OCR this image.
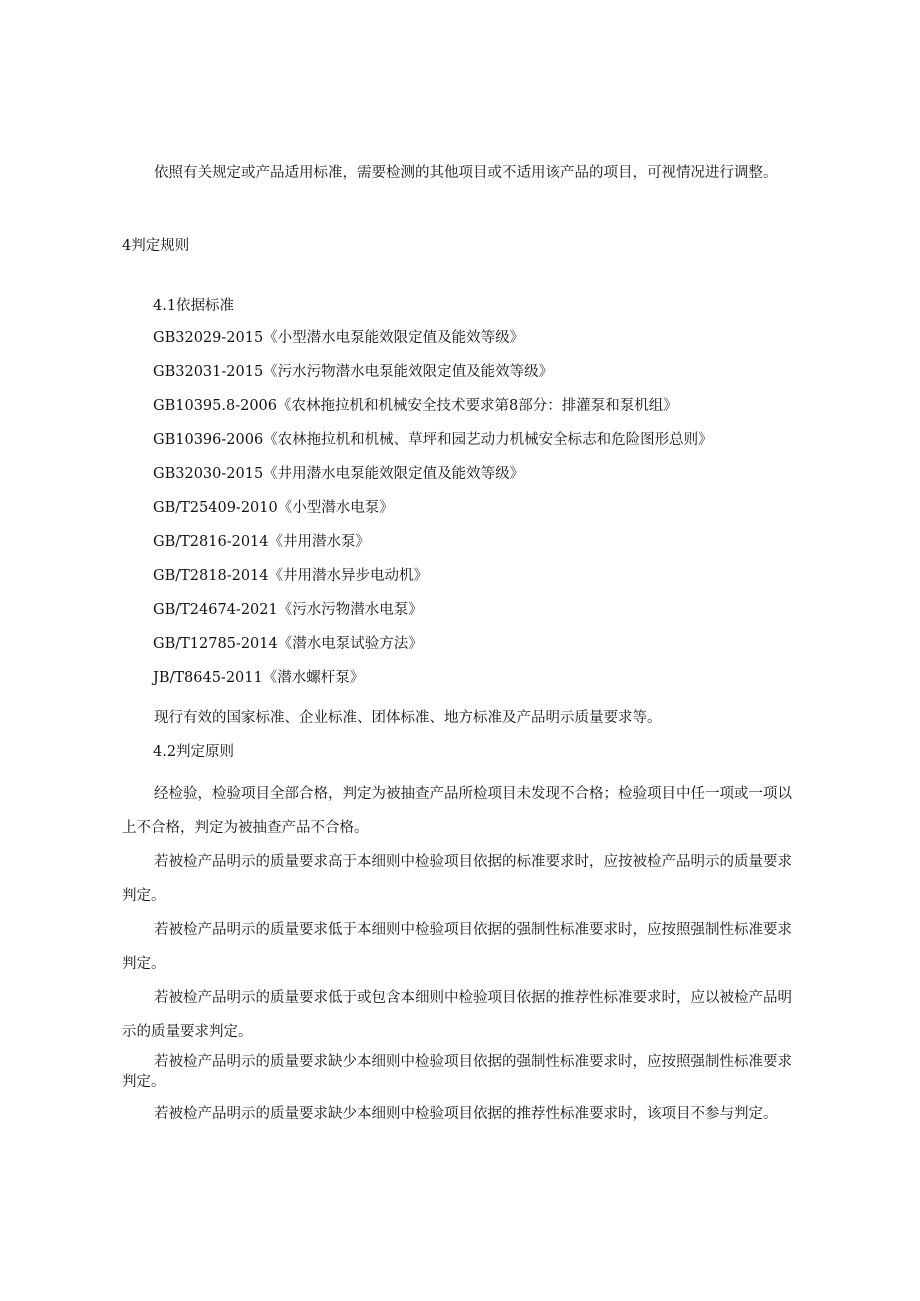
依照有关规定或产品适用标准，需要检测的其他项目或不适用该产品的项目，可视情况进行调整。
4判定规则
4.1依据标准
GB32029-2015《小型潜水电泵能效限定值及能效等级》
GB32031-2015《污水污物潜水电泵能效限定值及能效等级》
GB10395.8-2006《农林拖拉机和机械安全技术要求第8部分：排灌泵和泵机组》
GB10396-2006《农林拖拉机和机械、草坪和园艺动力机械安全标志和危险图形总则》
GB32030-2015《井用潜水电泵能效限定值及能效等级》
GB/T25409-2010《小型潜水电泵》
GB/T2816-2014《井用潜水泵》
GB/T2818-2014《井用潜水异步电动机》
GB/T24674-2021《污水污物潜水电泵》
GB/T12785-2014《潜水电泵试验方法》
JB/T8645-2011《潜水螺杆泵》
现行有效的国家标准、企业标准、团体标准、地方标准及产品明示质量要求等。
4.2判定原则
经检验，检验项目全部合格，判定为被抽查产品所检项目未发现不合格；检验项目中任一项或一项以上不合格，判定为被抽查产品不合格。
若被检产品明示的质量要求高于本细则中检验项目依据的标准要求时，应按被检产品明示的质量要求判定。
若被检产品明示的质量要求低于本细则中检验项目依据的强制性标准要求时，应按照强制性标准要求判定。
若被检产品明示的质量要求低于或包含本细则中检验项目依据的推荐性标准要求时，应以被检产品明示的质量要求判定。
若被检产品明示的质量要求缺少本细则中检验项目依据的强制性标准要求时，应按照强制性标准要求判定。
若被检产品明示的质量要求缺少本细则中检验项目依据的推荐性标准要求时，该项目不参与判定。
